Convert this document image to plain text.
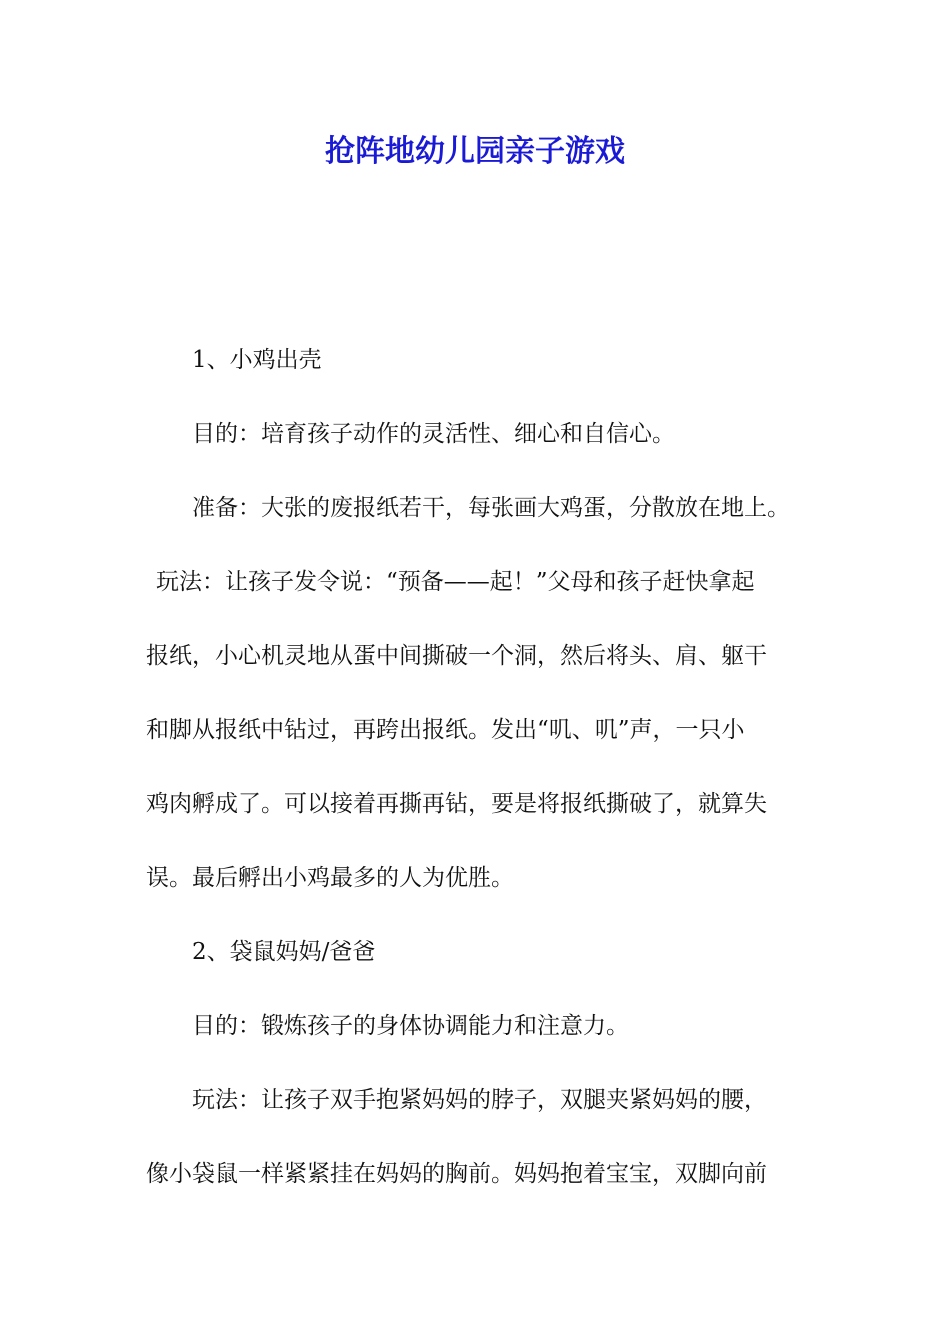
抢阵地幼儿园亲子游戏
1、小鸡出壳
目的：培育孩子动作的灵活性、细心和自信心。
准备：大张的废报纸若干，每张画大鸡蛋，分散放在地上。
玩法：让孩子发令说：“预备——起！”父母和孩子赶快拿起
报纸，小心机灵地从蛋中间撕破一个洞，然后将头、肩、躯干
和脚从报纸中钻过，再跨出报纸。发出“叽、叽”声，一只小
鸡肉孵成了。可以接着再撕再钻，要是将报纸撕破了，就算失
误。最后孵出小鸡最多的人为优胜。
2、袋鼠妈妈/爸爸
目的：锻炼孩子的身体协调能力和注意力。
玩法：让孩子双手抱紧妈妈的脖子，双腿夹紧妈妈的腰，
像小袋鼠一样紧紧挂在妈妈的胸前。妈妈抱着宝宝，双脚向前
